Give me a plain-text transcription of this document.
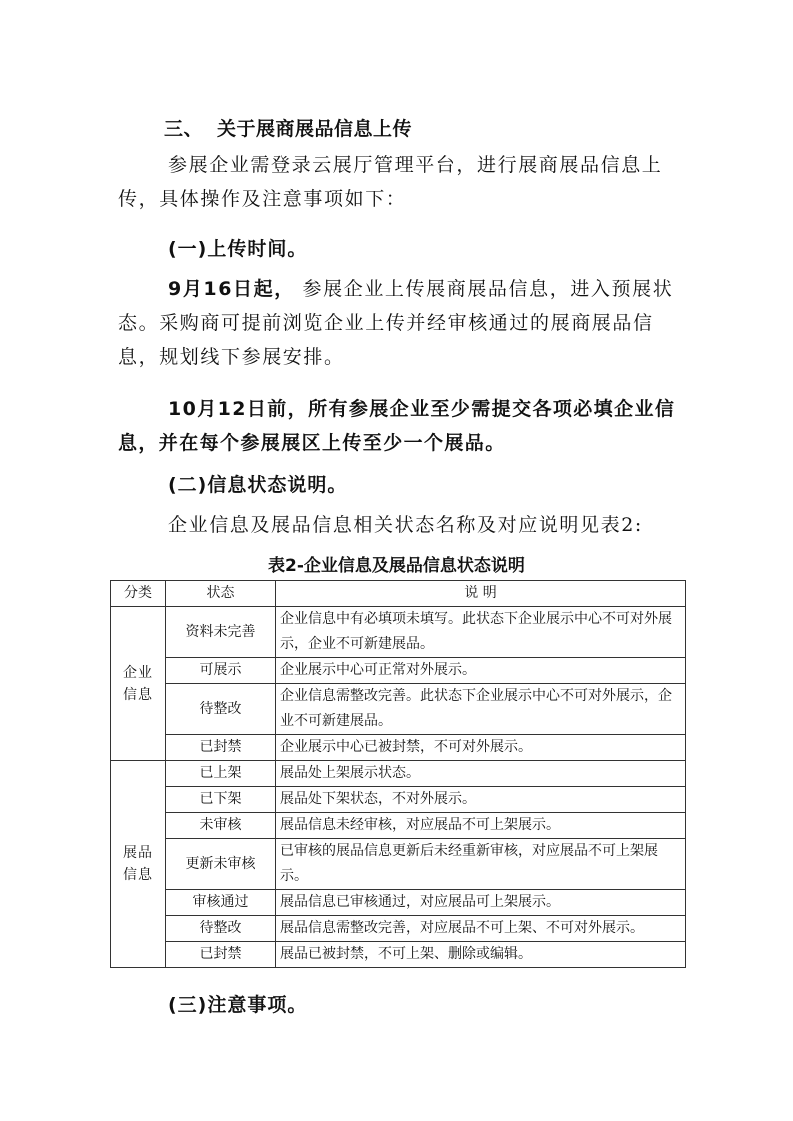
三、 关于展商展品信息上传
参展企业需登录云展厅管理平台，进行展商展品信息上传，具体操作及注意事项如下：
(一)上传时间。
9月16日起， 参展企业上传展商展品信息，进入预展状态。采购商可提前浏览企业上传并经审核通过的展商展品信息，规划线下参展安排。
10月12日前，所有参展企业至少需提交各项必填企业信息，并在每个参展展区上传至少一个展品。
(二)信息状态说明。
企业信息及展品信息相关状态名称及对应说明见表2:
表2-企业信息及展品信息状态说明
分类	状态	说 明
企业信息	资料未完善	企业信息中有必填项未填写。此状态下企业展示中心不可对外展示，企业不可新建展品。
	可展示	企业展示中心可正常对外展示。
	待整改	企业信息需整改完善。此状态下企业展示中心不可对外展示，企业不可新建展品。
	已封禁	企业展示中心已被封禁，不可对外展示。
展品信息	已上架	展品处上架展示状态。
	已下架	展品处下架状态，不对外展示。
	未审核	展品信息未经审核，对应展品不可上架展示。
	更新未审核	已审核的展品信息更新后未经重新审核，对应展品不可上架展示。
	审核通过	展品信息已审核通过，对应展品可上架展示。
	待整改	展品信息需整改完善，对应展品不可上架、不可对外展示。
	已封禁	展品已被封禁，不可上架、删除或编辑。
(三)注意事项。
